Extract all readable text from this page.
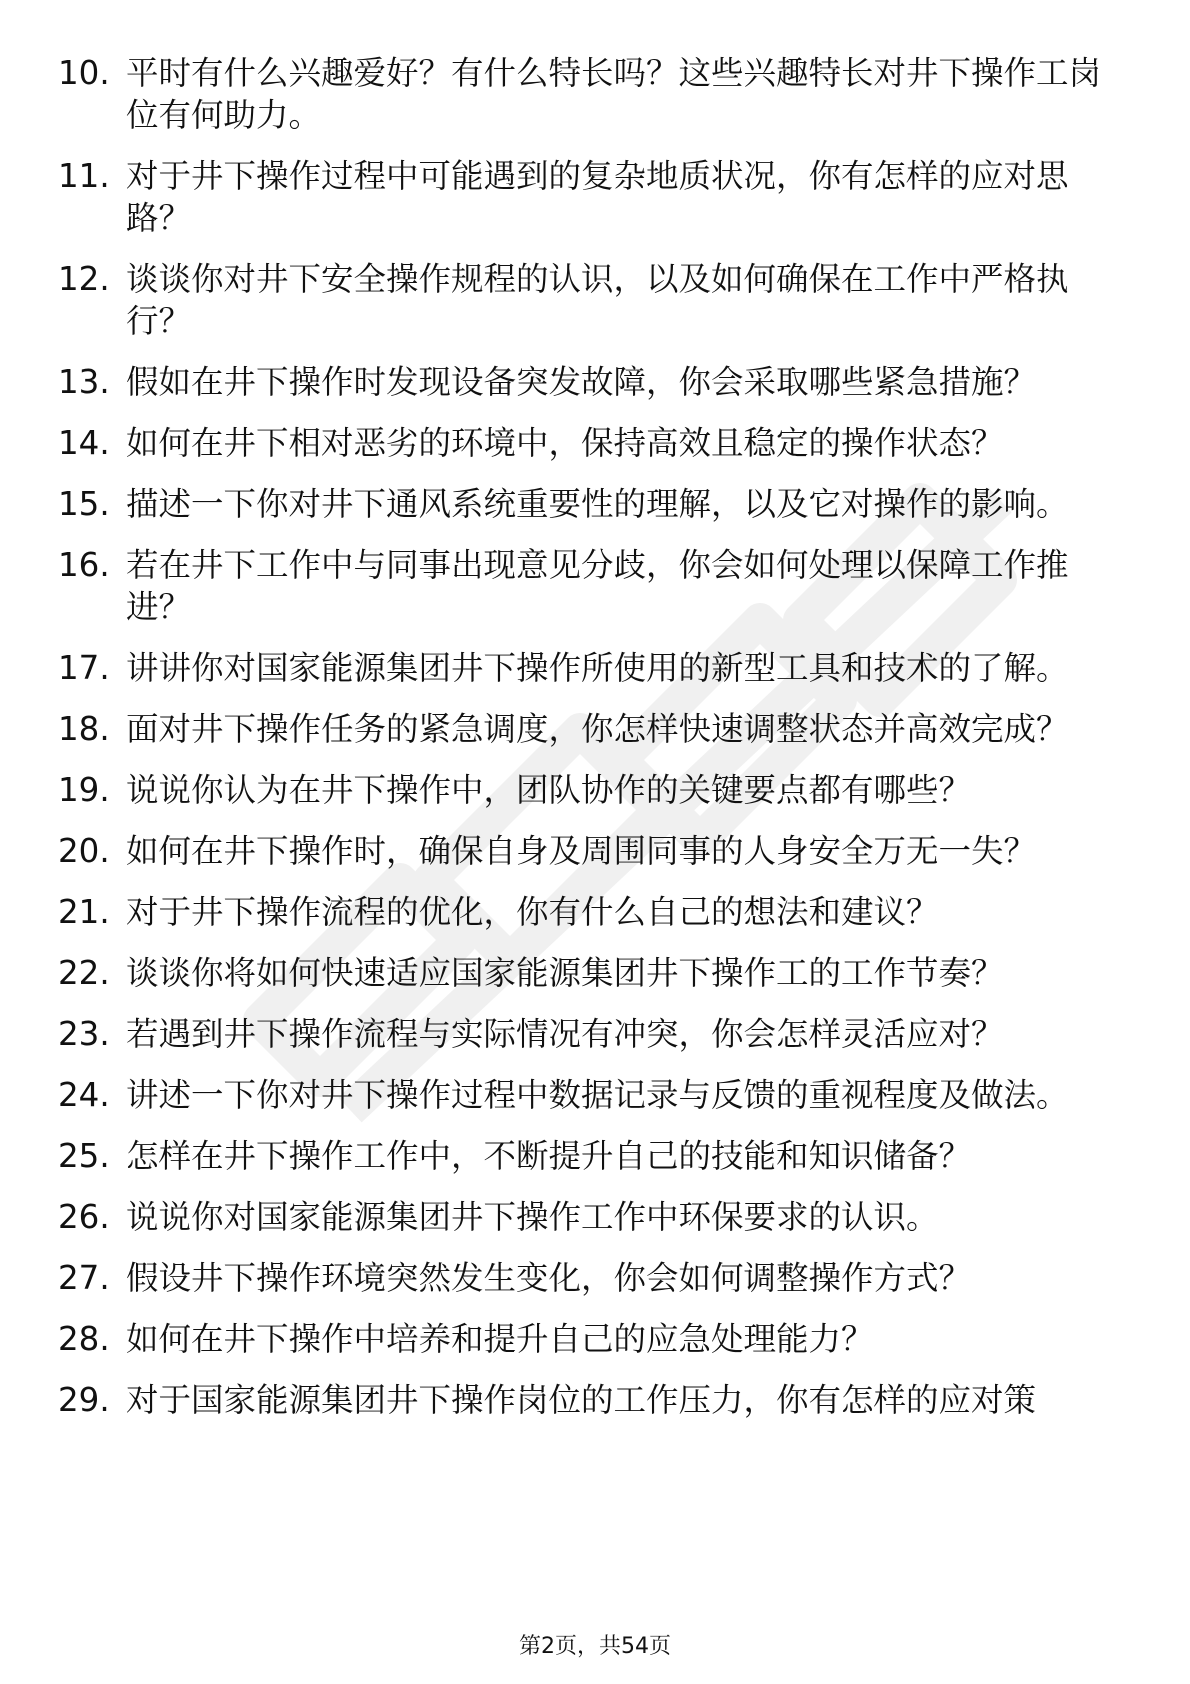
10. 平时有什么兴趣爱好？有什么特长吗？这些兴趣特长对井下操作工岗位有何助力。
11. 对于井下操作过程中可能遇到的复杂地质状况，你有怎样的应对思路？
12. 谈谈你对井下安全操作规程的认识，以及如何确保在工作中严格执行？
13. 假如在井下操作时发现设备突发故障，你会采取哪些紧急措施？
14. 如何在井下相对恶劣的环境中，保持高效且稳定的操作状态？
15. 描述一下你对井下通风系统重要性的理解，以及它对操作的影响。
16. 若在井下工作中与同事出现意见分歧，你会如何处理以保障工作推进？
17. 讲讲你对国家能源集团井下操作所使用的新型工具和技术的了解。
18. 面对井下操作任务的紧急调度，你怎样快速调整状态并高效完成？
19. 说说你认为在井下操作中，团队协作的关键要点都有哪些？
20. 如何在井下操作时，确保自身及周围同事的人身安全万无一失？
21. 对于井下操作流程的优化，你有什么自己的想法和建议？
22. 谈谈你将如何快速适应国家能源集团井下操作工的工作节奏？
23. 若遇到井下操作流程与实际情况有冲突，你会怎样灵活应对？
24. 讲述一下你对井下操作过程中数据记录与反馈的重视程度及做法。
25. 怎样在井下操作工作中，不断提升自己的技能和知识储备？
26. 说说你对国家能源集团井下操作工作中环保要求的认识。
27. 假设井下操作环境突然发生变化，你会如何调整操作方式？
28. 如何在井下操作中培养和提升自己的应急处理能力？
29. 对于国家能源集团井下操作岗位的工作压力，你有怎样的应对策
第2页，共54页
